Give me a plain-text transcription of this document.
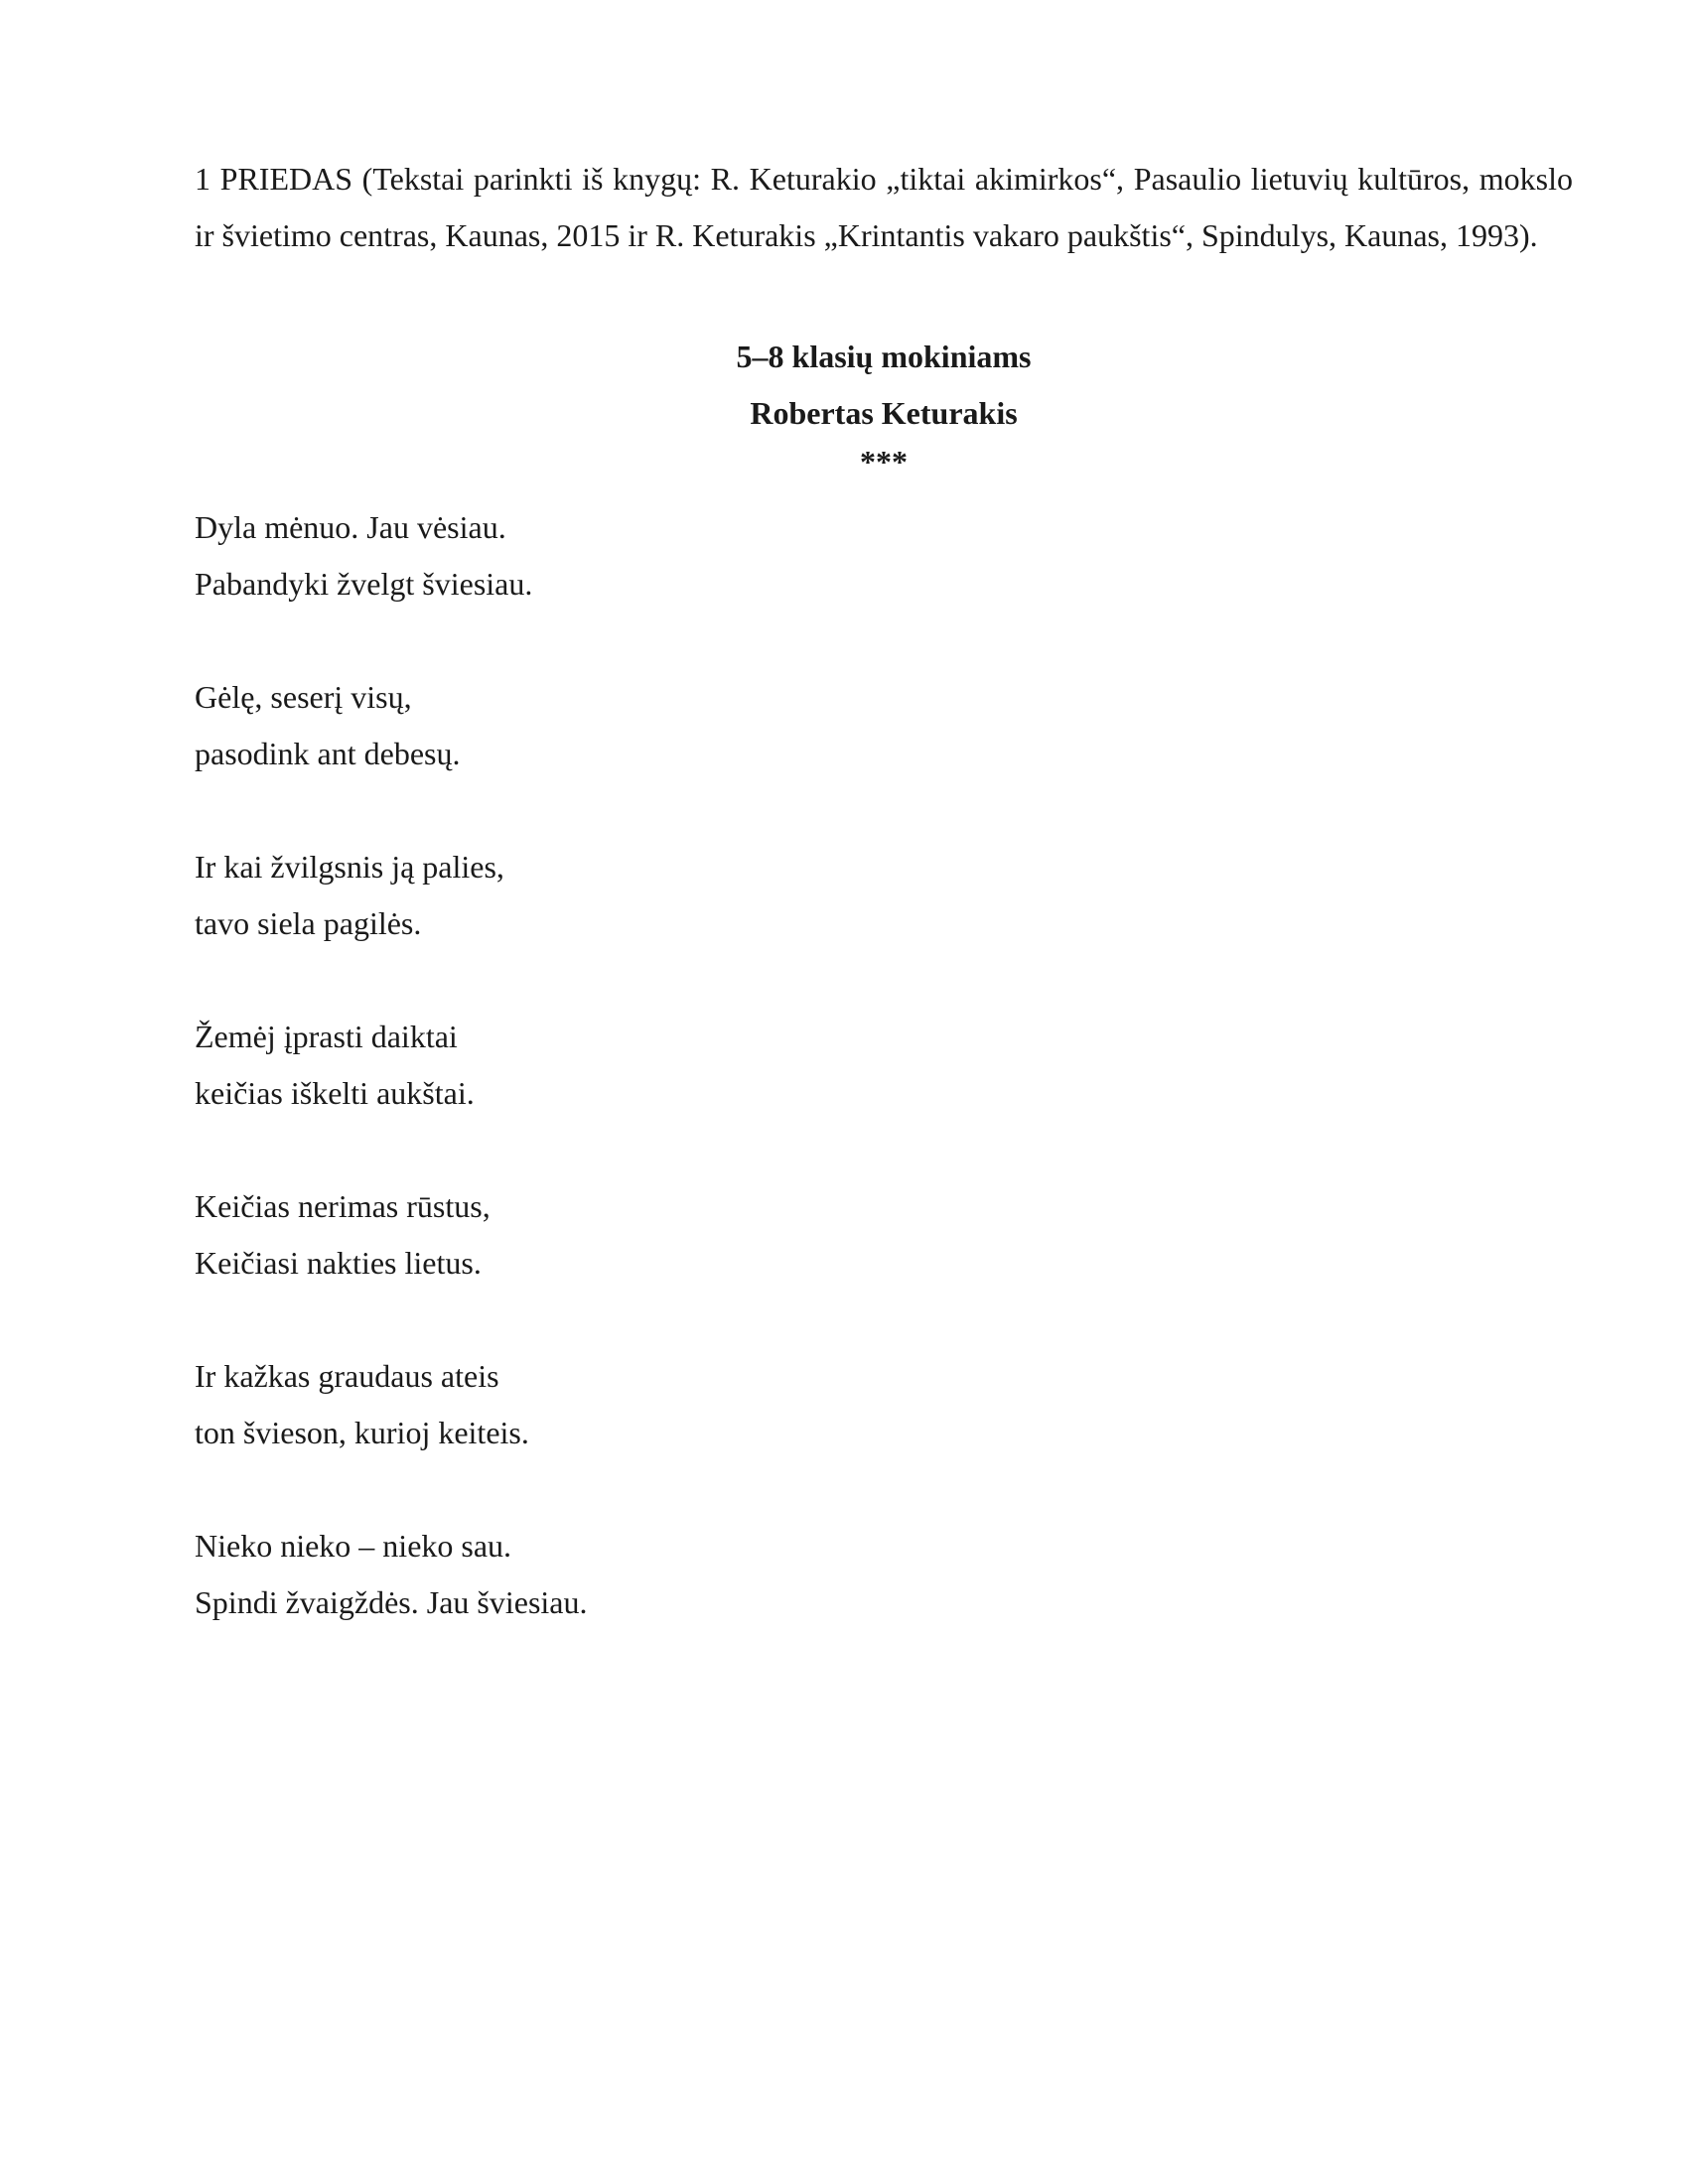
1 PRIEDAS (Tekstai parinkti iš knygų: R. Keturakio „tiktai akimirkos“, Pasaulio lietuvių kultūros, mokslo ir švietimo centras, Kaunas, 2015 ir R. Keturakis „Krintantis vakaro paukštis“, Spindulys, Kaunas, 1993).

5–8 klasių mokiniams
Robertas Keturakis
***
Dyla mėnuo. Jau vėsiau.
Pabandyki žvelgt šviesiau.
Gėlę, seserį visų,
pasodink ant debesų.
Ir kai žvilgsnis ją palies,
tavo siela pagilės.
Žemėj įprasti daiktai
keičias iškelti aukštai.
Keičias nerimas rūstus,
Keičiasi nakties lietus.
Ir kažkas graudaus ateis
ton švieson, kurioj keiteis.
Nieko nieko – nieko sau.
Spindi žvaigždės. Jau šviesiau.
